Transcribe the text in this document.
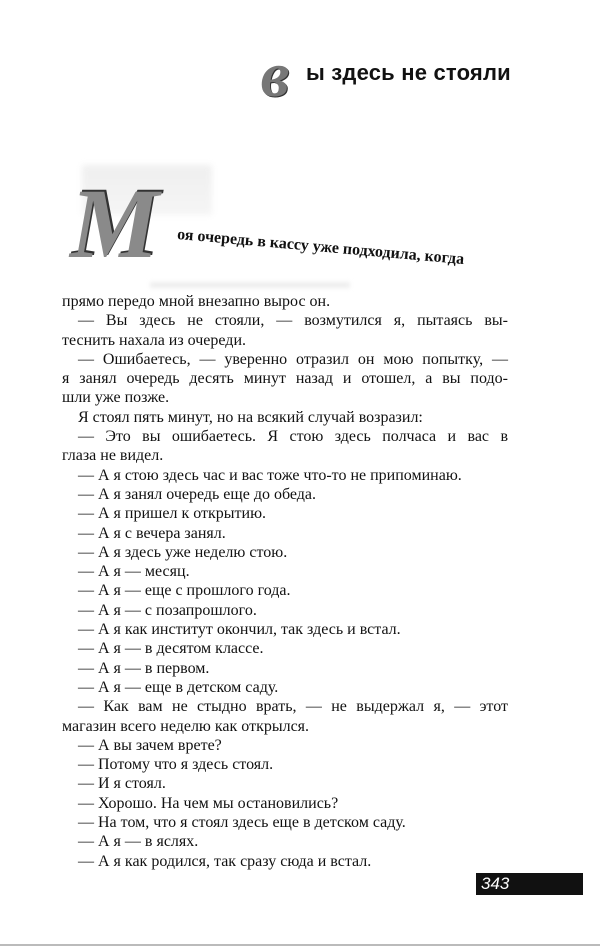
в ы здесь не стояли
М	оя очередь в кассу уже подходила, когда
прямо передо мной внезапно вырос он.
— Вы здесь не стояли, — возмутился я, пытаясь вы-
теснить нахала из очереди.
— Ошибаетесь, — уверенно отразил он мою попытку, —
я занял очередь десять минут назад и отошел, а вы подо-
шли уже позже.
Я стоял пять минут, но на всякий случай возразил:
— Это вы ошибаетесь. Я стою здесь полчаса и вас в
глаза не видел.
— А я стою здесь час и вас тоже что-то не припоминаю.
— А я занял очередь еще до обеда.
— А я пришел к открытию.
— А я с вечера занял.
— А я здесь уже неделю стою.
— А я — месяц.
— А я — еще с прошлого года.
— А я — с позапрошлого.
— А я как институт окончил, так здесь и встал.
— А я — в десятом классе.
— А я — в первом.
— А я — еще в детском саду.
— Как вам не стыдно врать, — не выдержал я, — этот
магазин всего неделю как открылся.
— А вы зачем врете?
— Потому что я здесь стоял.
— И я стоял.
— Хорошо. На чем мы остановились?
— На том, что я стоял здесь еще в детском саду.
— А я — в яслях.
— А я как родился, так сразу сюда и встал.
343
